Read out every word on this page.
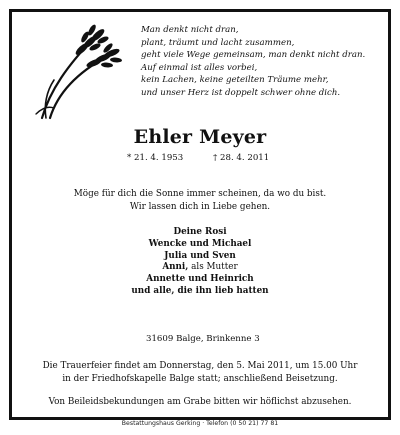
Man denkt nicht dran,
plant, träumt und lacht zusammen,
geht viele Wege gemeinsam, man denkt nicht dran.
Auf einmal ist alles vorbei,
kein Lachen, keine geteilten Träume mehr,
und unser Herz ist doppelt schwer ohne dich.
Ehler Meyer
* 21. 4. 1953	† 28. 4. 2011
Möge für dich die Sonne immer scheinen, da wo du bist.
Wir lassen dich in Liebe gehen.
Deine Rosi
Wencke und Michael
Julia und Sven
Anni, als Mutter
Annette und Heinrich
und alle, die ihn lieb hatten
31609 Balge, Brinkenne 3
Die Trauerfeier findet am Donnerstag, den 5. Mai 2011, um 15.00 Uhr
in der Friedhofskapelle Balge statt; anschließend Beisetzung.
Von Beileidsbekundungen am Grabe bitten wir höflichst abzusehen.
Bestattungshaus Gerking · Telefon (0 50 21) 77 81
